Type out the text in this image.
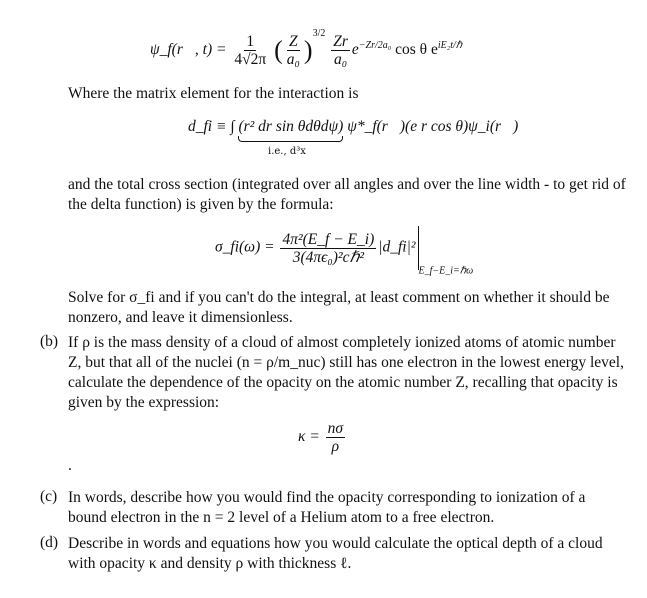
ψ_f(r⃗, $t) = \frac{1}{4√2\pi}$ ( $\frac{Z}{\text{a₀}} )^{3/2} \frac{Zr}{\text{a₀}} e^{-Zr/2a_0}$ cos θ $e^{iE_2t/\hbar}$
Where the matrix element for the interaction is
d_fi ≡ ∫ (r² dr sin θdθdψ) ψ*_f(r⃗)(e r cos θ)ψ_i(r⃗)
i.e., d³x
and the total cross section (integrated over all angles and over the line width - to get rid of the delta function) is given by the formula:
σ_fi(ω) = $\frac{\text{4π²(E\_f − E\_i)}}{\text{3(4πϵ₀)²cℏ²}}$ $|d\_fi|^2_{E\_f-E\_i=\hbar\omega}$
Solve for σ_fi and if you can't do the integral, at least comment on whether it should be nonzero, and leave it dimensionless.
(b) If ρ is the mass density of a cloud of almost completely ionized atoms of atomic number Z, but that all of the nuclei (n = ρ/m_nuc) still has one electron in the lowest energy level, calculate the dependence of the opacity on the atomic number Z, recalling that opacity is given by the expression:
$\kappa = \frac{n\sigma}{\rho}$
.
(c) In words, describe how you would find the opacity corresponding to ionization of a bound electron in the n = 2 level of a Helium atom to a free electron.
(d) Describe in words and equations how you would calculate the optical depth of a cloud with opacity κ and density ρ with thickness ℓ.
